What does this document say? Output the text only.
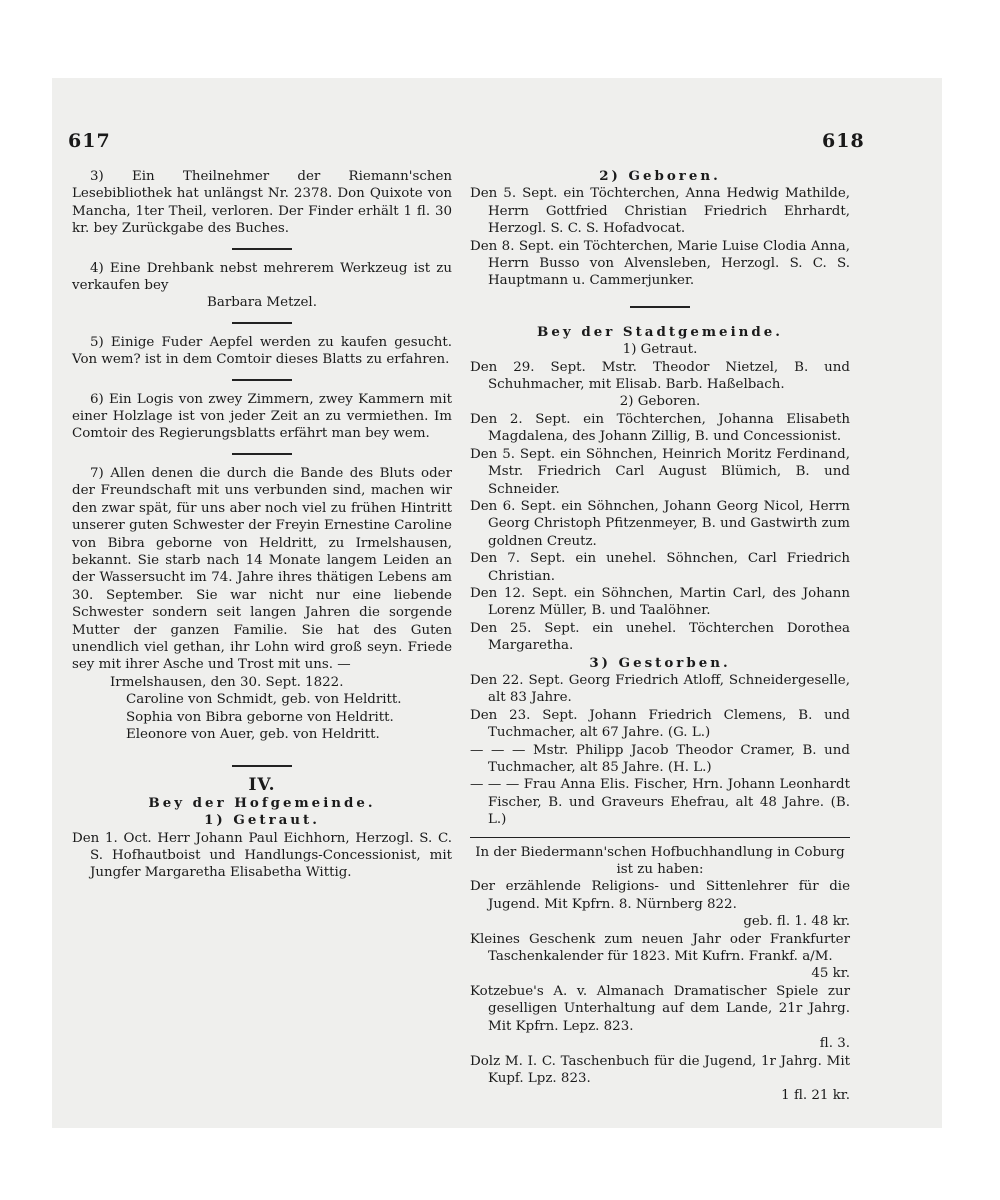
617	618

3) Ein Theilnehmer der Riemann'schen Lesebibliothek hat unlängst Nr. 2378. Don Quixote von Mancha, 1ter Theil, verloren. Der Finder erhält 1 fl. 30 kr. bey Zurückgabe des Buches.

4) Eine Drehbank nebst mehrerem Werkzeug ist zu verkaufen bey

Barbara Metzel.

5) Einige Fuder Aepfel werden zu kaufen gesucht. Von wem? ist in dem Comtoir dieses Blatts zu erfahren.

6) Ein Logis von zwey Zimmern, zwey Kammern mit einer Holzlage ist von jeder Zeit an zu vermiethen. Im Comtoir des Regierungsblatts erfährt man bey wem.

7) Allen denen die durch die Bande des Bluts oder der Freundschaft mit uns verbunden sind, machen wir den zwar spät, für uns aber noch viel zu frühen Hintritt unserer guten Schwester der Freyin Ernestine Caroline von Bibra geborne von Heldritt, zu Irmelshausen, bekannt. Sie starb nach 14 Monate langem Leiden an der Wassersucht im 74. Jahre ihres thätigen Lebens am 30. September. Sie war nicht nur eine liebende Schwester sondern seit langen Jahren die sorgende Mutter der ganzen Familie. Sie hat des Guten unendlich viel gethan, ihr Lohn wird groß seyn. Friede sey mit ihrer Asche und Trost mit uns. —

Irmelshausen, den 30. Sept. 1822.

Caroline von Schmidt, geb. von Heldritt.

Sophia von Bibra geborne von Heldritt.

Eleonore von Auer, geb. von Heldritt.

IV.

Bey der Hofgemeinde.

1) Getraut.

Den 1. Oct. Herr Johann Paul Eichhorn, Herzogl. S. C. S. Hofhautboist und Handlungs-Concessionist, mit Jungfer Margaretha Elisabetha Wittig.

2) Geboren.

Den 5. Sept. ein Töchterchen, Anna Hedwig Mathilde, Herrn Gottfried Christian Friedrich Ehrhardt, Herzogl. S. C. S. Hofadvocat.

Den 8. Sept. ein Töchterchen, Marie Luise Clodia Anna, Herrn Busso von Alvensleben, Herzogl. S. C. S. Hauptmann u. Cammerjunker.

Bey der Stadtgemeinde.

1) Getraut.

Den 29. Sept. Mstr. Theodor Nietzel, B. und Schuhmacher, mit Elisab. Barb. Haßelbach.

2) Geboren.

Den 2. Sept. ein Töchterchen, Johanna Elisabeth Magdalena, des Johann Zillig, B. und Concessionist.

Den 5. Sept. ein Söhnchen, Heinrich Moritz Ferdinand, Mstr. Friedrich Carl August Blümich, B. und Schneider.

Den 6. Sept. ein Söhnchen, Johann Georg Nicol, Herrn Georg Christoph Pfitzenmeyer, B. und Gastwirth zum goldnen Creutz.

Den 7. Sept. ein unehel. Söhnchen, Carl Friedrich Christian.

Den 12. Sept. ein Söhnchen, Martin Carl, des Johann Lorenz Müller, B. und Taalöhner.

Den 25. Sept. ein unehel. Töchterchen Dorothea Margaretha.

3) Gestorben.

Den 22. Sept. Georg Friedrich Atloff, Schneidergeselle, alt 83 Jahre.

Den 23. Sept. Johann Friedrich Clemens, B. und Tuchmacher, alt 67 Jahre. (G. L.)

— — — Mstr. Philipp Jacob Theodor Cramer, B. und Tuchmacher, alt 85 Jahre. (H. L.)

— — — Frau Anna Elis. Fischer, Hrn. Johann Leonhardt Fischer, B. und Graveurs Ehefrau, alt 48 Jahre. (B. L.)

In der Biedermann'schen Hofbuchhandlung in Coburg ist zu haben:

Der erzählende Religions- und Sittenlehrer für die Jugend. Mit Kpfrn. 8. Nürnberg 822.

geb. fl. 1. 48 kr.

Kleines Geschenk zum neuen Jahr oder Frankfurter Taschenkalender für 1823. Mit Kufrn. Frankf. a/M.

45 kr.

Kotzebue's A. v. Almanach Dramatischer Spiele zur geselligen Unterhaltung auf dem Lande, 21r Jahrg. Mit Kpfrn. Lepz. 823.

fl. 3.

Dolz M. I. C. Taschenbuch für die Jugend, 1r Jahrg. Mit Kupf. Lpz. 823.

1 fl. 21 kr.
